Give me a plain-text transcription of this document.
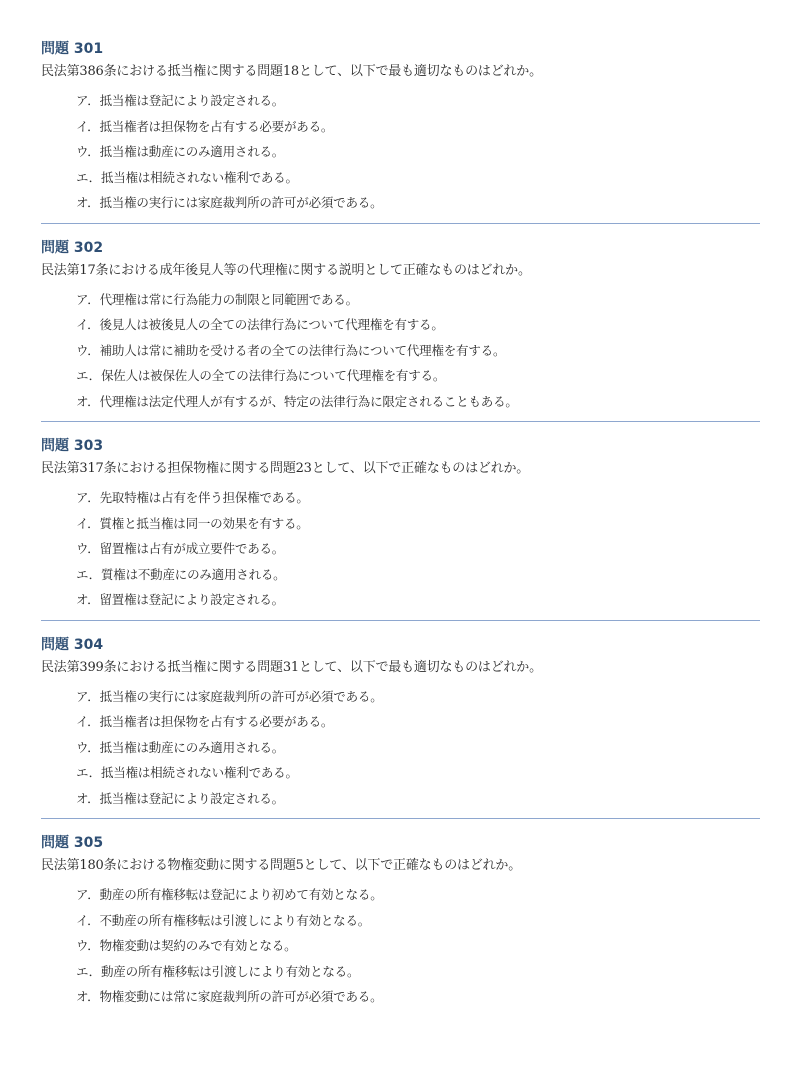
問題 301

民法第386条における抵当権に関する問題18として、以下で最も適切なものはどれか。

ア．抵当権は登記により設定される。
イ．抵当権者は担保物を占有する必要がある。
ウ．抵当権は動産にのみ適用される。
エ．抵当権は相続されない権利である。
オ．抵当権の実行には家庭裁判所の許可が必須である。
問題 302

民法第17条における成年後見人等の代理権に関する説明として正確なものはどれか。

ア．代理権は常に行為能力の制限と同範囲である。
イ．後見人は被後見人の全ての法律行為について代理権を有する。
ウ．補助人は常に補助を受ける者の全ての法律行為について代理権を有する。
エ．保佐人は被保佐人の全ての法律行為について代理権を有する。
オ．代理権は法定代理人が有するが、特定の法律行為に限定されることもある。
問題 303

民法第317条における担保物権に関する問題23として、以下で正確なものはどれか。

ア．先取特権は占有を伴う担保権である。
イ．質権と抵当権は同一の効果を有する。
ウ．留置権は占有が成立要件である。
エ．質権は不動産にのみ適用される。
オ．留置権は登記により設定される。
問題 304

民法第399条における抵当権に関する問題31として、以下で最も適切なものはどれか。

ア．抵当権の実行には家庭裁判所の許可が必須である。
イ．抵当権者は担保物を占有する必要がある。
ウ．抵当権は動産にのみ適用される。
エ．抵当権は相続されない権利である。
オ．抵当権は登記により設定される。
問題 305

民法第180条における物権変動に関する問題5として、以下で正確なものはどれか。

ア．動産の所有権移転は登記により初めて有効となる。
イ．不動産の所有権移転は引渡しにより有効となる。
ウ．物権変動は契約のみで有効となる。
エ．動産の所有権移転は引渡しにより有効となる。
オ．物権変動には常に家庭裁判所の許可が必須である。
